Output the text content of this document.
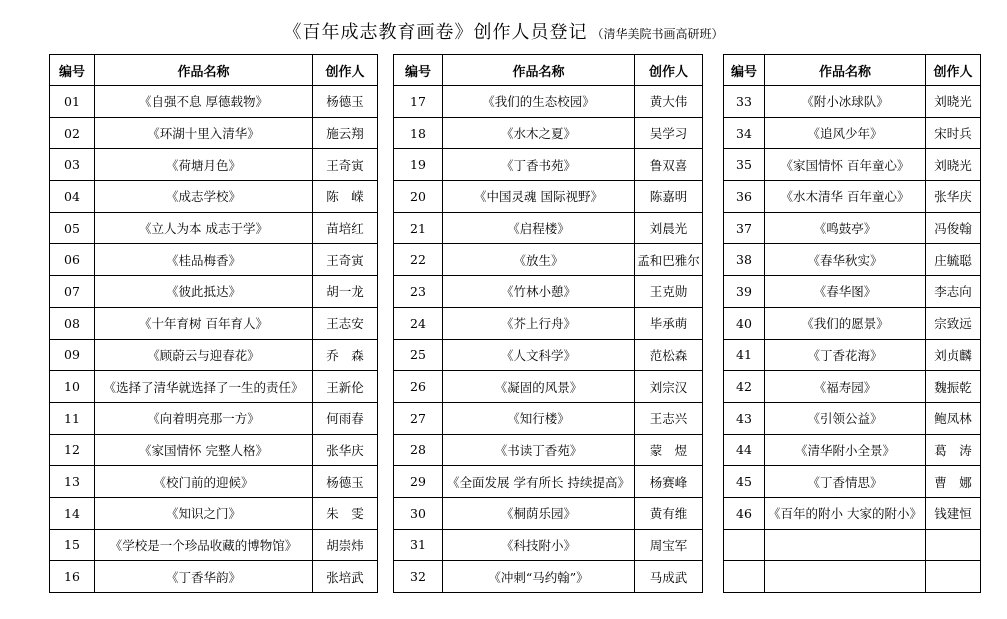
《百年成志教育画卷》创作人员登记 （清华美院书画高研班）
编号	作品名称	创作人
01	《自强不息 厚德载物》	杨德玉
02	《环湖十里入清华》	施云翔
03	《荷塘月色》	王奇寅
04	《成志学校》	陈　嵘
05	《立人为本 成志于学》	苗培红
06	《桂品梅香》	王奇寅
07	《彼此抵达》	胡一龙
08	《十年育树 百年育人》	王志安
09	《顾蔚云与迎春花》	乔　森
10	《选择了清华就选择了一生的责任》	王新伦
11	《向着明亮那一方》	何雨春
12	《家国情怀 完整人格》	张华庆
13	《校门前的迎候》	杨德玉
14	《知识之门》	朱　雯
15	《学校是一个珍品收藏的博物馆》	胡崇炜
16	《丁香华韵》	张培武
编号	作品名称	创作人
17	《我们的生态校园》	黄大伟
18	《水木之夏》	吴学习
19	《丁香书苑》	鲁双喜
20	《中国灵魂 国际视野》	陈嘉明
21	《启程楼》	刘晨光
22	《放生》	孟和巴雅尔
23	《竹林小憩》	王克勋
24	《芥上行舟》	毕承萌
25	《人文科学》	范松森
26	《凝固的风景》	刘宗汉
27	《知行楼》	王志兴
28	《书读丁香苑》	蒙　煜
29	《全面发展 学有所长 持续提高》	杨赛峰
30	《桐荫乐园》	黄有维
31	《科技附小》	周宝军
32	《冲刺“马约翰”》	马成武
编号	作品名称	创作人
33	《附小冰球队》	刘晓光
34	《追风少年》	宋时兵
35	《家国情怀 百年童心》	刘晓光
36	《水木清华 百年童心》	张华庆
37	《鸣鼓亭》	冯俊翰
38	《春华秋实》	庄毓聪
39	《春华图》	李志向
40	《我们的愿景》	宗致远
41	《丁香花海》	刘贞麟
42	《福寿园》	魏振乾
43	《引领公益》	鲍凤林
44	《清华附小全景》	葛　涛
45	《丁香情思》	曹　娜
46	《百年的附小 大家的附小》	钱建恒
